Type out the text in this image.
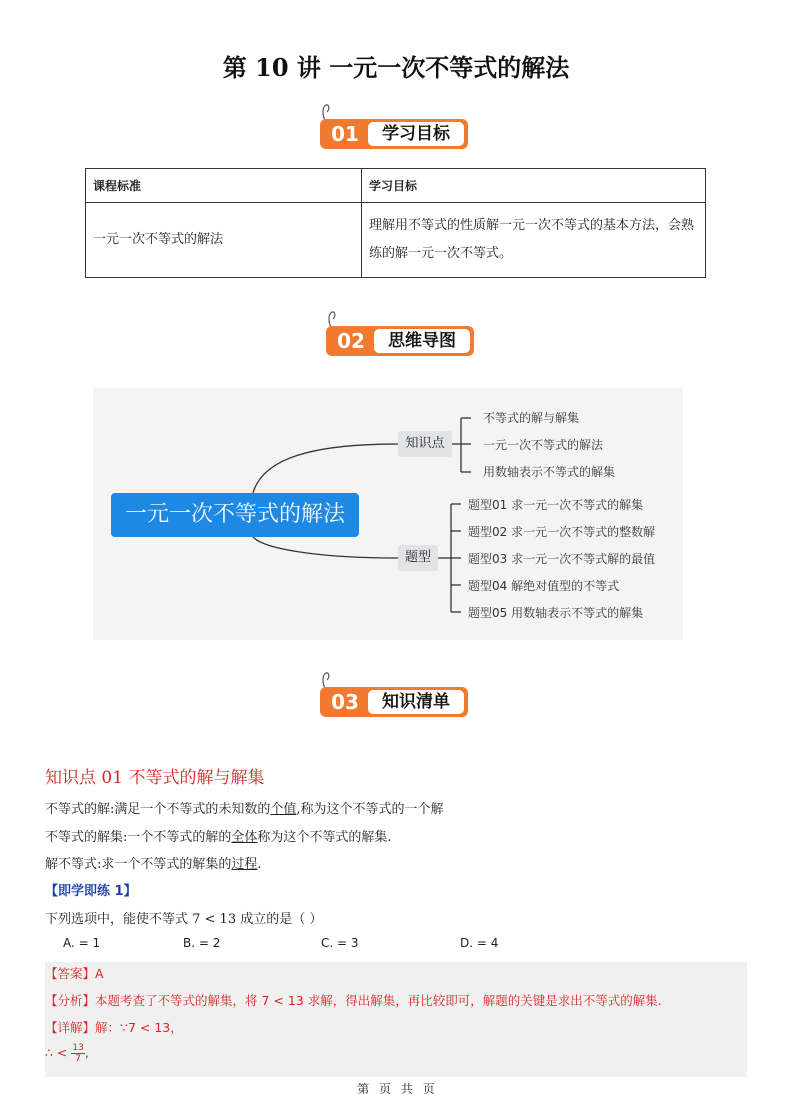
第 10 讲 一元一次不等式的解法
01	学习目标
课程标准	学习目标
一元一次不等式的解法	理解用不等式的性质解一元一次不等式的基本方法，会熟练的解一元一次不等式。
02	思维导图
一元一次不等式的解法
知识点
题型
不等式的解与解集
一元一次不等式的解法
用数轴表示不等式的解集
题型01 求一元一次不等式的解集
题型02 求一元一次不等式的整数解
题型03 求一元一次不等式解的最值
题型04 解绝对值型的不等式
题型05 用数轴表示不等式的解集
03	知识清单
知识点 01 不等式的解与解集
不等式的解:满足一个不等式的未知数的个值,称为这个不等式的一个解
不等式的解集:一个不等式的解的全体称为这个不等式的解集.
解不等式:求一个不等式的解集的过程.
【即学即练 1】
下列选项中，能使不等式 7 < 13 成立的是（ ）
A. = 1	B. = 2	C. = 3	D. = 4
【答案】A
【分析】本题考查了不等式的解集，将 7 < 13 求解，得出解集，再比较即可，解题的关键是求出不等式的解集.
【详解】解：∵7 < 13，
∴ < $\frac{13}{7}$ ,
第 页 共 页
